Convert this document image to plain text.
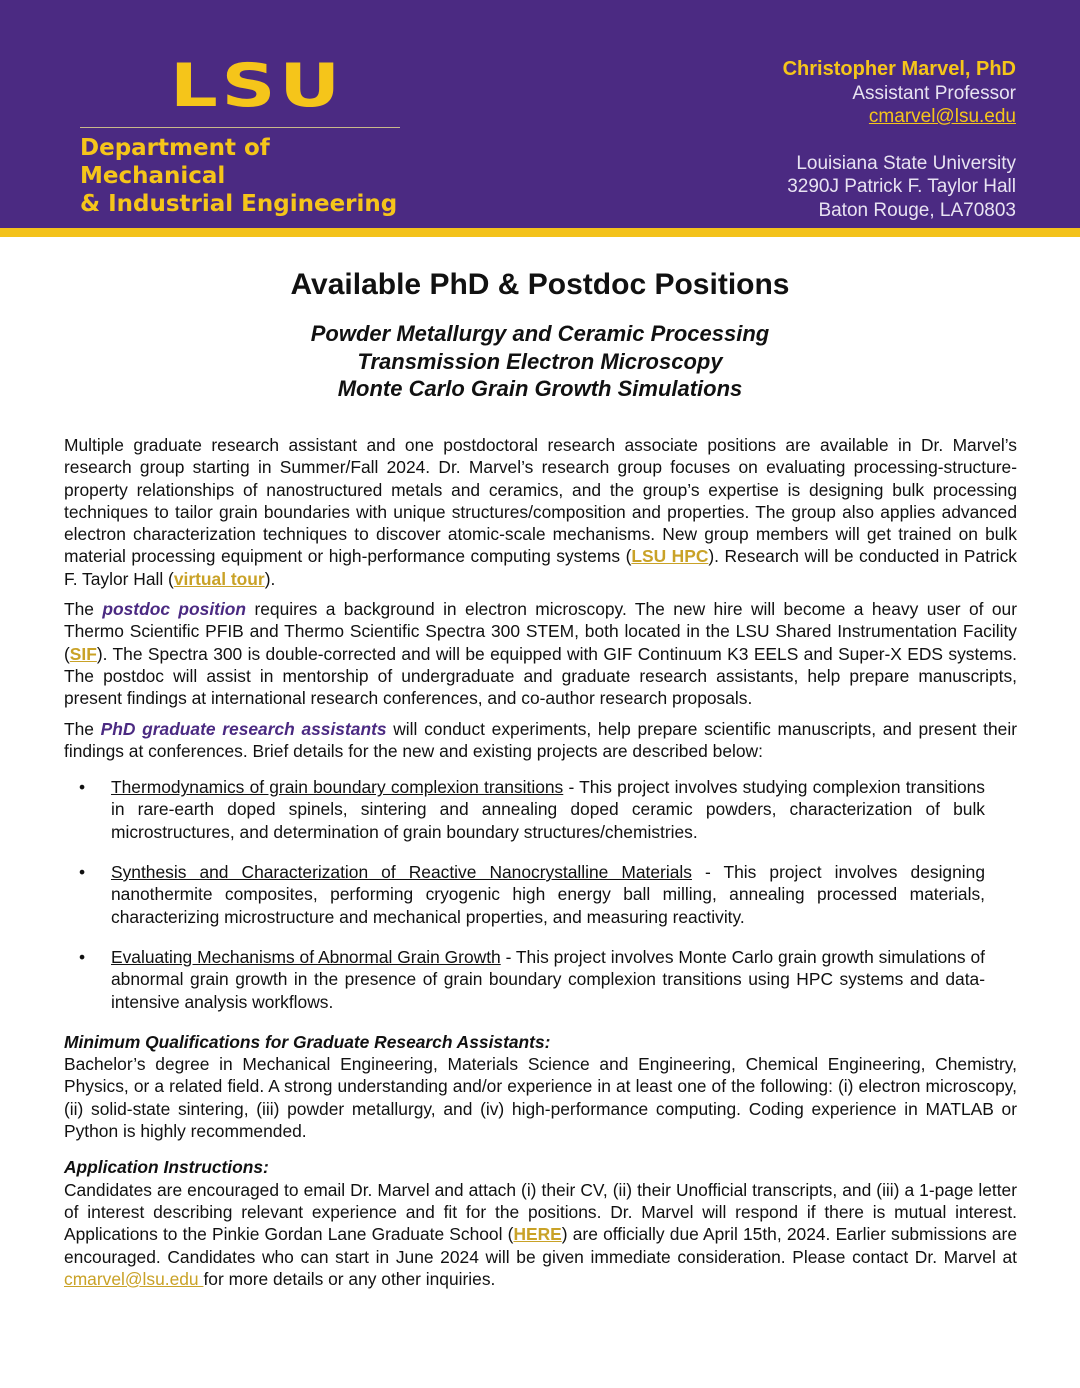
LSU
Department of Mechanical
& Industrial Engineering
Christopher Marvel, PhD
Assistant Professor
cmarvel@lsu.edu
Louisiana State University
3290J Patrick F. Taylor Hall
Baton Rouge, LA70803
Available PhD & Postdoc Positions
Powder Metallurgy and Ceramic Processing
Transmission Electron Microscopy
Monte Carlo Grain Growth Simulations

Multiple graduate research assistant and one postdoctoral research associate positions are available in Dr. Marvel’s research group starting in Summer/Fall 2024. Dr. Marvel’s research group focuses on evaluating processing-structure-property relationships of nanostructured metals and ceramics, and the group’s expertise is designing bulk processing techniques to tailor grain boundaries with unique structures/composition and properties. The group also applies advanced electron characterization techniques to discover atomic-scale mechanisms. New group members will get trained on bulk material processing equipment or high-performance computing systems (LSU HPC). Research will be conducted in Patrick F. Taylor Hall (virtual tour).

The postdoc position requires a background in electron microscopy. The new hire will become a heavy user of our Thermo Scientific PFIB and Thermo Scientific Spectra 300 STEM, both located in the LSU Shared Instrumentation Facility (SIF). The Spectra 300 is double-corrected and will be equipped with GIF Continuum K3 EELS and Super-X EDS systems. The postdoc will assist in mentorship of undergraduate and graduate research assistants, help prepare manuscripts, present findings at international research conferences, and co-author research proposals.

The PhD graduate research assistants will conduct experiments, help prepare scientific manuscripts, and present their findings at conferences. Brief details for the new and existing projects are described below:

• Thermodynamics of grain boundary complexion transitions - This project involves studying complexion transitions in rare-earth doped spinels, sintering and annealing doped ceramic powders, characterization of bulk microstructures, and determination of grain boundary structures/chemistries.
• Synthesis and Characterization of Reactive Nanocrystalline Materials - This project involves designing nanothermite composites, performing cryogenic high energy ball milling, annealing processed materials, characterizing microstructure and mechanical properties, and measuring reactivity.
• Evaluating Mechanisms of Abnormal Grain Growth - This project involves Monte Carlo grain growth simulations of abnormal grain growth in the presence of grain boundary complexion transitions using HPC systems and data-intensive analysis workflows.
Minimum Qualifications for Graduate Research Assistants:

Bachelor’s degree in Mechanical Engineering, Materials Science and Engineering, Chemical Engineering, Chemistry, Physics, or a related field. A strong understanding and/or experience in at least one of the following: (i) electron microscopy, (ii) solid-state sintering, (iii) powder metallurgy, and (iv) high-performance computing. Coding experience in MATLAB or Python is highly recommended.

Application Instructions:

Candidates are encouraged to email Dr. Marvel and attach (i) their CV, (ii) their Unofficial transcripts, and (iii) a 1-page letter of interest describing relevant experience and fit for the positions. Dr. Marvel will respond if there is mutual interest. Applications to the Pinkie Gordan Lane Graduate School (HERE) are officially due April 15th, 2024. Earlier submissions are encouraged. Candidates who can start in June 2024 will be given immediate consideration. Please contact Dr. Marvel at cmarvel@lsu.edu for more details or any other inquiries.
